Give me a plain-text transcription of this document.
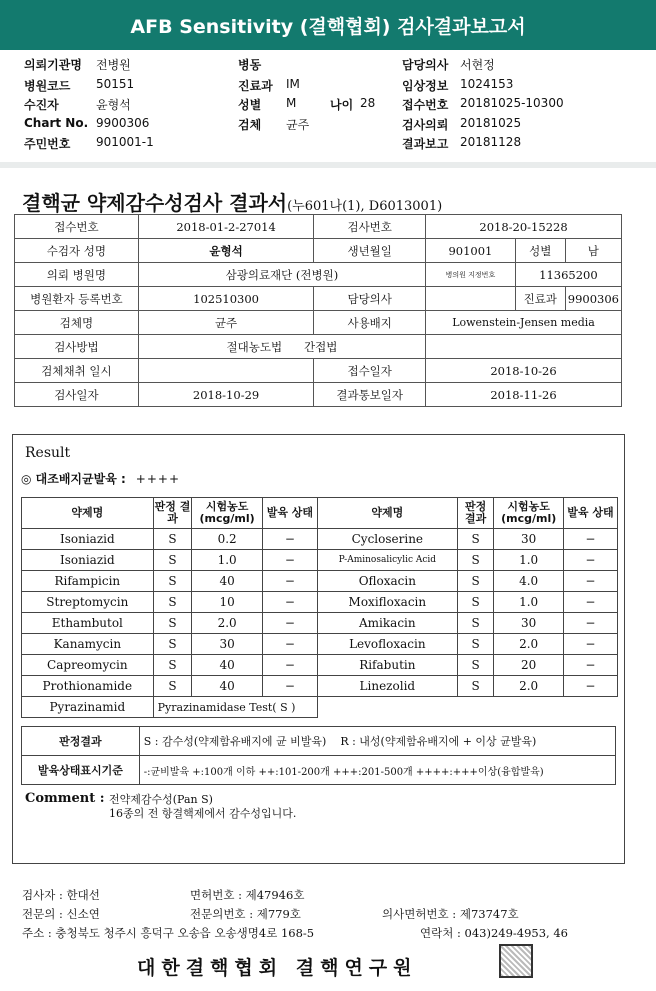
AFB Sensitivity (결핵협회) 검사결과보고서
의뢰기관명 전병원
병원코드 50151
수진자	윤형석
Chart No. 9900306
주민번호 901001-1
병동
진료과 IM
성별 M	나이 28
검체 균주
담당의사 서현정
임상정보 1024153
접수번호 20181025-10300
검사의뢰 20181025
결과보고 20181128
결핵균 약제감수성검사 결과서(누601나(1), D6013001)
접수번호	2018-01-2-27014	검사번호	2018-20-15228		
수검자 성명	윤형석	생년월일	901001	성별	남
의뢰 병원명	삼광의료재단 (전병원)		병의원 지정번호	11365200	
병원환자 등록번호	102510300	담당의사		진료과	9900306
검체명	균주	사용배지	Lowenstein-Jensen media		
검사방법	절대농도법 간접법				
검체채취 일시		접수일자	2018-10-26		
검사일자	2018-10-29	결과통보일자	2018-11-26		
Result
◎ 대조배지균발육 : ++++
약제명	판정 결과	시험농도 (mcg/ml)	발육 상태	약제명	판정 결과	시험농도 (mcg/ml)	발육 상태
Isoniazid	S	0.2	−	Cycloserine	S	30	−
Isoniazid	S	1.0	−	P-Aminosalicylic Acid	S	1.0	−
Rifampicin	S	40	−	Ofloxacin	S	4.0	−
Streptomycin	S	10	−	Moxifloxacin	S	1.0	−
Ethambutol	S	2.0	−	Amikacin	S	30	−
Kanamycin	S	30	−	Levofloxacin	S	2.0	−
Capreomycin	S	40	−	Rifabutin	S	20	−
Prothionamide	S	40	−	Linezolid	S	2.0	−
Pyrazinamid	Pyrazinamidase Test( S )						
판정결과	S : 감수성(약제함유배지에 균 비발육) R : 내성(약제함유배지에 + 이상 균발육)
발육상태표시기준	-:균비발육 +:100개 이하 ++:101-200개 +++:201-500개 ++++:+++이상(융합발육)
Comment : 전약제감수성(Pan S)
16종의 전 항결핵제에서 감수성입니다.
검사자 : 한대선	면허번호 : 제47946호
전문의 : 신소연	전문의번호 : 제779호	의사면허번호 : 제73747호
주소 : 충청북도 청주시 흥덕구 오송읍 오송생명4로 168-5	연락처 : 043)249-4953, 46
대한결핵협회 결핵연구원
